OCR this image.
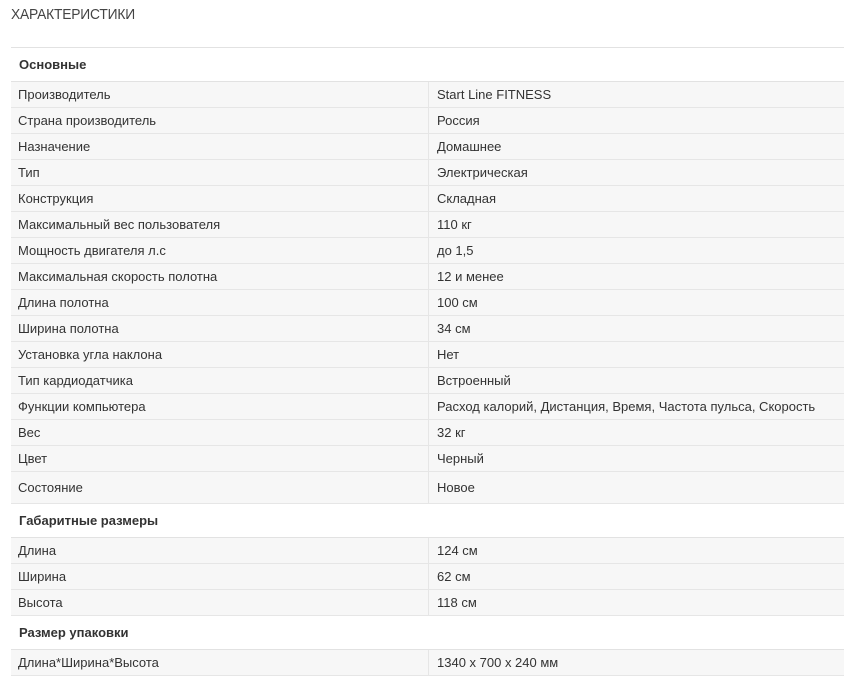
ХАРАКТЕРИСТИКИ
Основные
Производитель	Start Line FITNESS
Страна производитель	Россия
Назначение	Домашнее
Тип	Электрическая
Конструкция	Складная
Максимальный вес пользователя	110 кг
Мощность двигателя л.с	до 1,5
Максимальная скорость полотна	12 и менее
Длина полотна	100 см
Ширина полотна	34 см
Установка угла наклона	Нет
Тип кардиодатчика	Встроенный
Функции компьютера	Расход калорий, Дистанция, Время, Частота пульса, Скорость
Вес	32 кг
Цвет	Черный
Состояние	Новое
Габаритные размеры
Длина	124 см
Ширина	62 см
Высота	118 см
Размер упаковки
Длина*Ширина*Высота	1340 x 700 x 240 мм
